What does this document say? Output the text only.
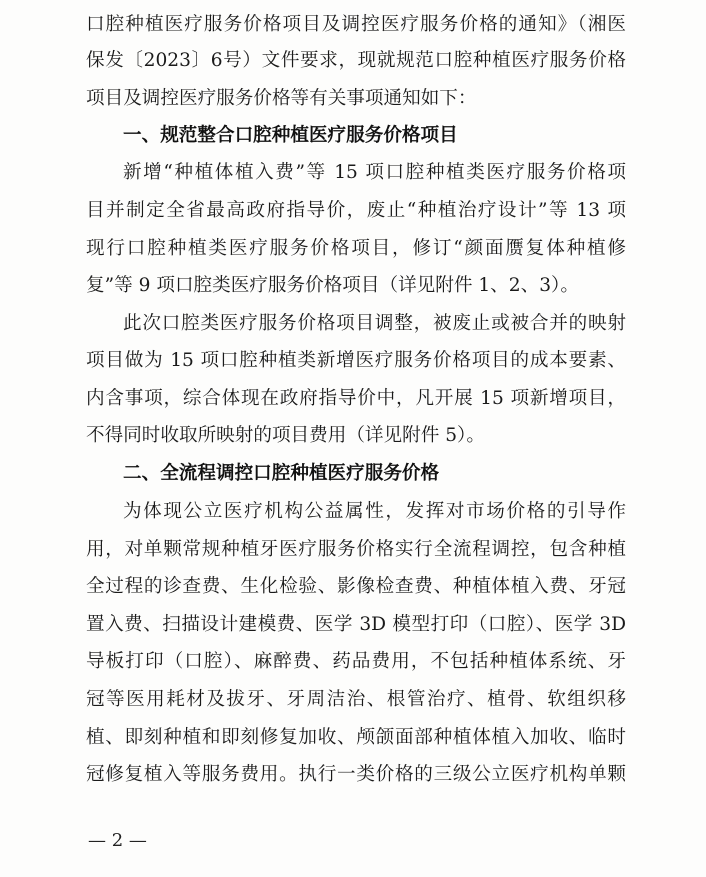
口腔种植医疗服务价格项目及调控医疗服务价格的通知》（湘医
保发〔2023〕6号）文件要求，现就规范口腔种植医疗服务价格
项目及调控医疗服务价格等有关事项通知如下：
一、规范整合口腔种植医疗服务价格项目
新增“种植体植入费”等 15 项口腔种植类医疗服务价格项
目并制定全省最高政府指导价，废止“种植治疗设计”等 13 项
现行口腔种植类医疗服务价格项目，修订“颜面赝复体种植修
复”等 9 项口腔类医疗服务价格项目（详见附件 1、2、3）。
此次口腔类医疗服务价格项目调整，被废止或被合并的映射
项目做为 15 项口腔种植类新增医疗服务价格项目的成本要素、
内含事项，综合体现在政府指导价中，凡开展 15 项新增项目，
不得同时收取所映射的项目费用（详见附件 5）。
二、全流程调控口腔种植医疗服务价格
为体现公立医疗机构公益属性，发挥对市场价格的引导作
用，对单颗常规种植牙医疗服务价格实行全流程调控，包含种植
全过程的诊查费、生化检验、影像检查费、种植体植入费、牙冠
置入费、扫描设计建模费、医学 3D 模型打印（口腔）、医学 3D
导板打印（口腔）、麻醉费、药品费用，不包括种植体系统、牙
冠等医用耗材及拔牙、牙周洁治、根管治疗、植骨、软组织移
植、即刻种植和即刻修复加收、颅颌面部种植体植入加收、临时
冠修复植入等服务费用。执行一类价格的三级公立医疗机构单颗
— 2 —
